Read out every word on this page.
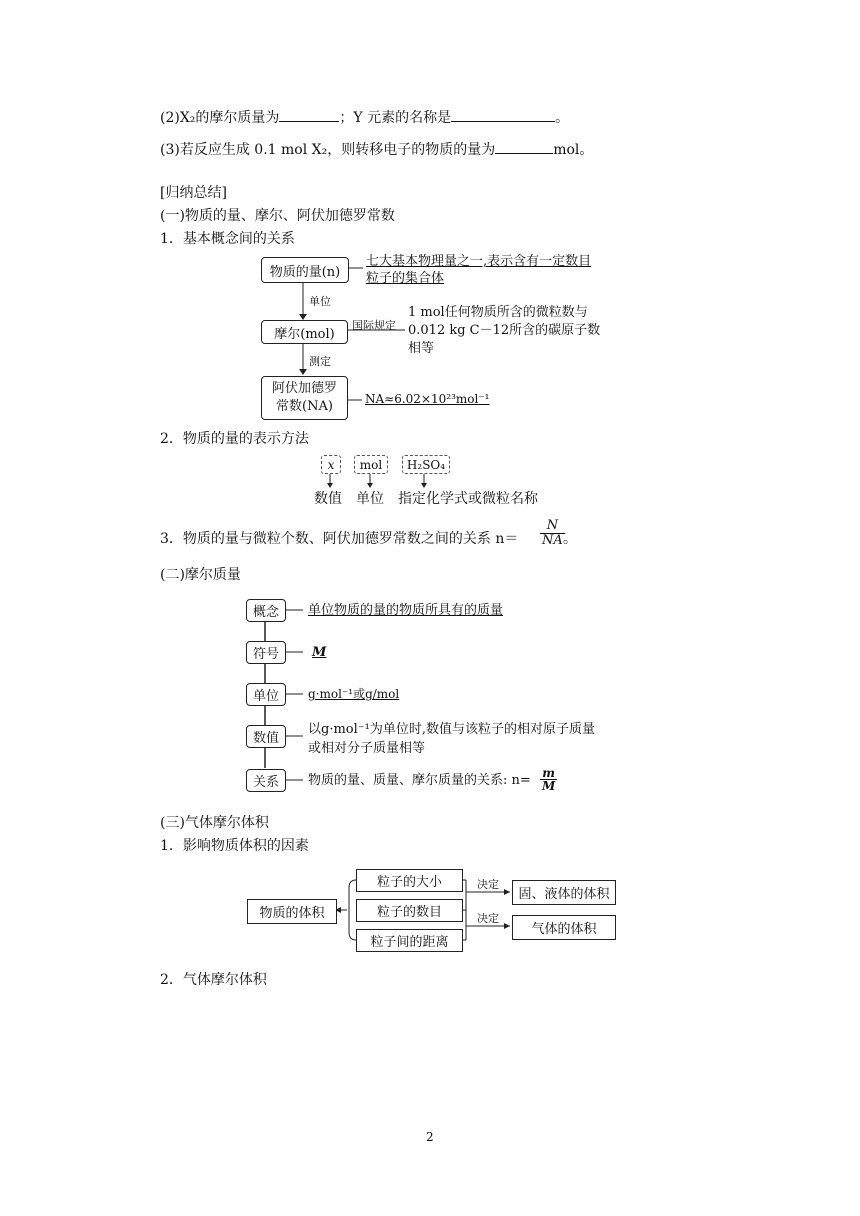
(2)X₂的摩尔质量为	；Y 元素的名称是	。
(3)若反应生成 0.1 mol X₂，则转移电子的物质的量为	mol。
[归纳总结]
(一)物质的量、摩尔、阿伏加德罗常数
1．基本概念间的关系
物质的量(n)
七大基本物理量之一,表示含有一定数目
粒子的集合体
单位
摩尔(mol)
国际规定
1 mol任何物质所含的微粒数与
0.012 kg C－12所含的碳原子数
相等
测定
阿伏加德罗
常数(NA)	NA≈6.02×10²³mol⁻¹
2．物质的量的表示方法
x	mol	H₂SO₄
数值　单位　指定化学式或微粒名称
3．物质的量与微粒个数、阿伏加德罗常数之间的关系 $n= \frac{N}{NA}$
。
(二)摩尔质量
概念	单位物质的量的物质所具有的质量
符号	M
单位	g·mol⁻¹或g/mol
数值
以g·mol⁻¹为单位时,数值与该粒子的相对原子质量
或相对分子质量相等
关系	物质的量、质量、摩尔质量的关系: $n= \frac{m}{M}$
(三)气体摩尔体积
1．影响物质体积的因素
物质的体积
粒子的大小
粒子的数目
粒子间的距离
决定
决定
固、液体的体积
气体的体积
2．气体摩尔体积
2
